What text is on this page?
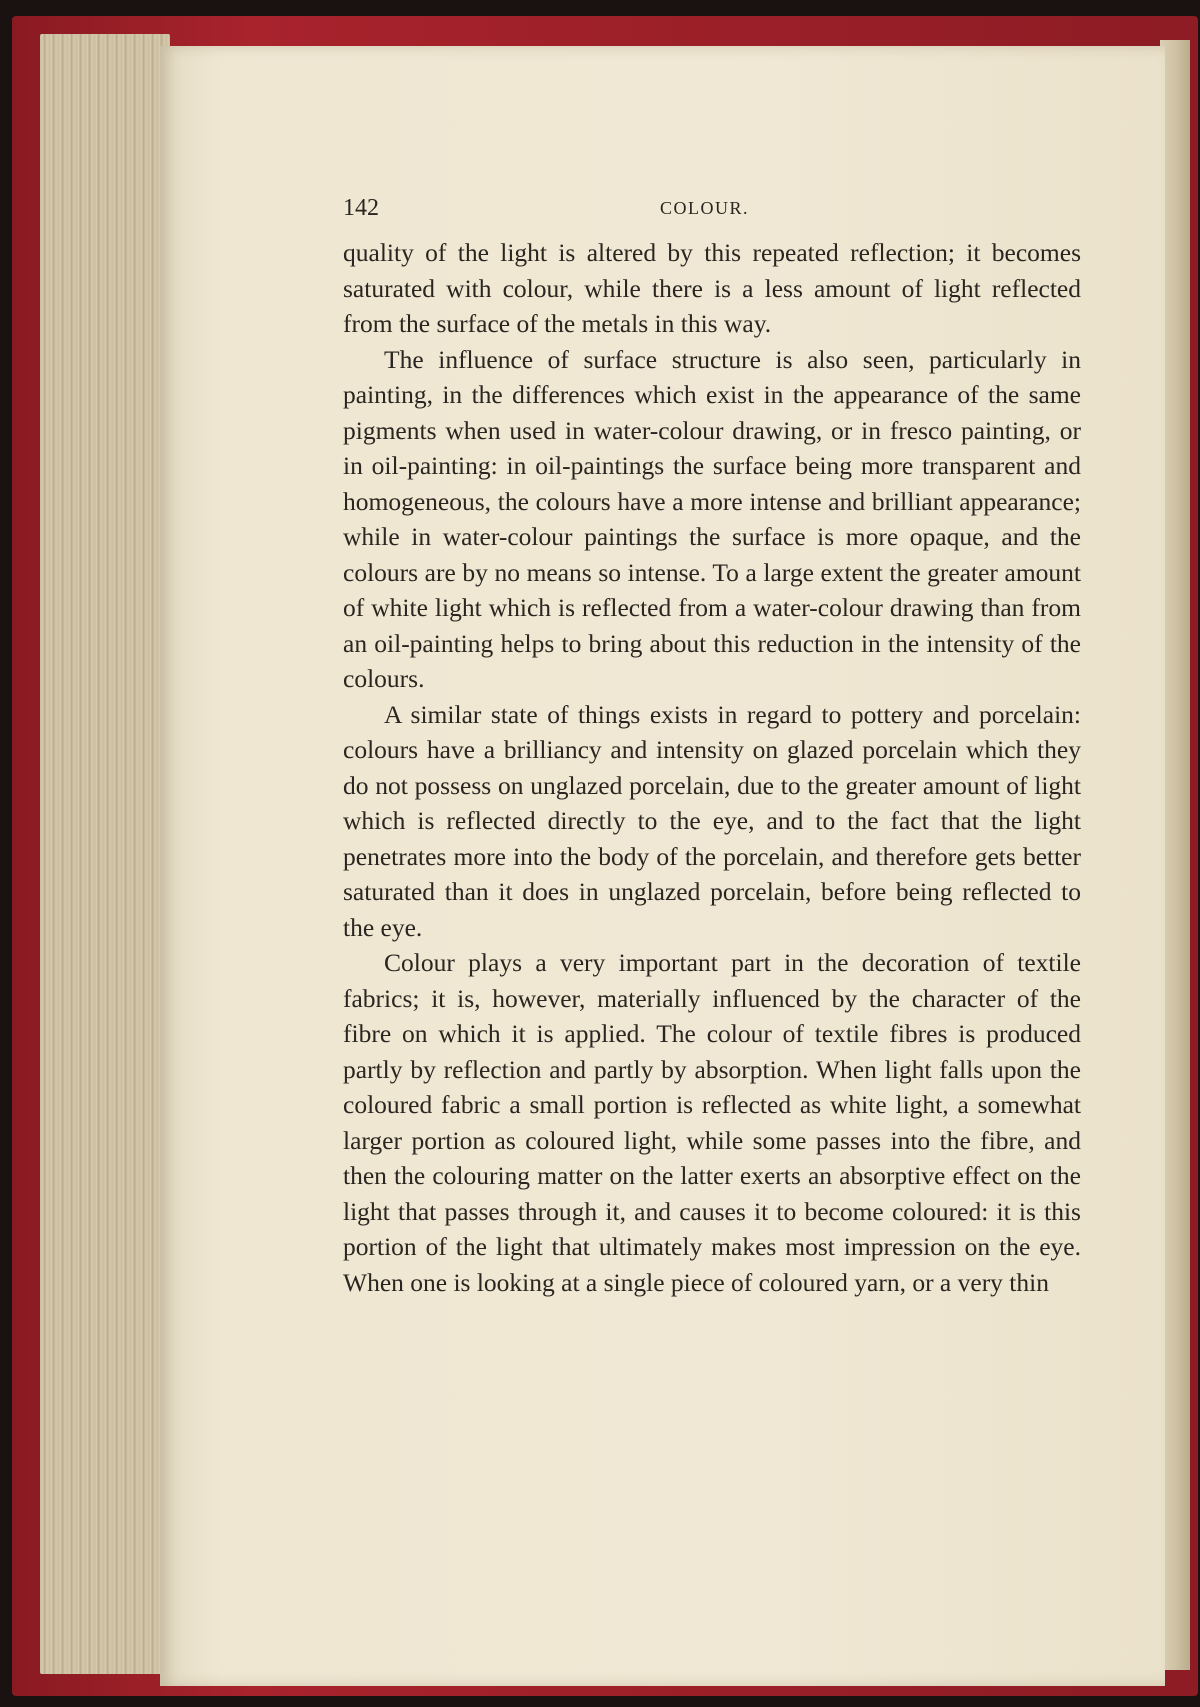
142	COLOUR.

quality of the light is altered by this repeated reflection; it becomes saturated with colour, while there is a less amount of light reflected from the surface of the metals in this way.

The influence of surface structure is also seen, particularly in painting, in the differences which exist in the appearance of the same pigments when used in water-colour drawing, or in fresco painting, or in oil-painting: in oil-paintings the surface being more transparent and homogeneous, the colours have a more intense and brilliant appearance; while in water-colour paintings the surface is more opaque, and the colours are by no means so intense. To a large extent the greater amount of white light which is reflected from a water-colour drawing than from an oil-painting helps to bring about this reduction in the intensity of the colours.

A similar state of things exists in regard to pottery and porcelain: colours have a brilliancy and intensity on glazed porcelain which they do not possess on unglazed porcelain, due to the greater amount of light which is reflected directly to the eye, and to the fact that the light penetrates more into the body of the porcelain, and therefore gets better saturated than it does in unglazed porcelain, before being reflected to the eye.

Colour plays a very important part in the decoration of textile fabrics; it is, however, materially influenced by the character of the fibre on which it is applied. The colour of textile fibres is produced partly by reflection and partly by absorption. When light falls upon the coloured fabric a small portion is reflected as white light, a somewhat larger portion as coloured light, while some passes into the fibre, and then the colouring matter on the latter exerts an absorptive effect on the light that passes through it, and causes it to become coloured: it is this portion of the light that ultimately makes most impression on the eye. When one is looking at a single piece of coloured yarn, or a very thin
